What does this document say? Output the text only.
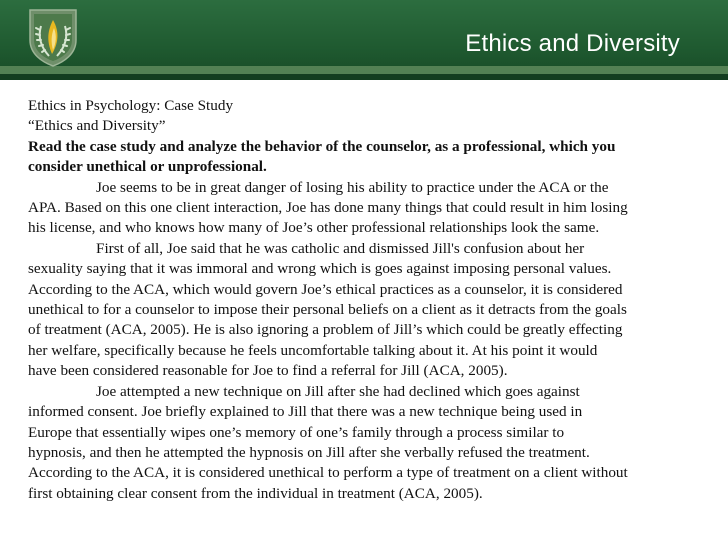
Ethics and Diversity
Ethics in Psychology: Case Study
“Ethics and Diversity”
Read the case study and analyze the behavior of the counselor, as a professional, which you
consider unethical or unprofessional.
Joe seems to be in great danger of losing his ability to practice under the ACA or the
APA. Based on this one client interaction, Joe has done many things that could result in him losing
his license, and who knows how many of Joe’s other professional relationships look the same.
First of all, Joe said that he was catholic and dismissed Jill's confusion about her
sexuality saying that it was immoral and wrong which is goes against imposing personal values.
According to the ACA, which would govern Joe’s ethical practices as a counselor, it is considered
unethical to for a counselor to impose their personal beliefs on a client as it detracts from the goals
of treatment (ACA, 2005). He is also ignoring a problem of Jill’s which could be greatly effecting
her welfare, specifically because he feels uncomfortable talking about it. At his point it would
have been considered reasonable for Joe to find a referral for Jill (ACA, 2005).
Joe attempted a new technique on Jill after she had declined which goes against
informed consent. Joe briefly explained to Jill that there was a new technique being used in
Europe that essentially wipes one’s memory of one’s family through a process similar to
hypnosis, and then he attempted the hypnosis on Jill after she verbally refused the treatment.
According to the ACA, it is considered unethical to perform a type of treatment on a client without
first obtaining clear consent from the individual in treatment (ACA, 2005).
